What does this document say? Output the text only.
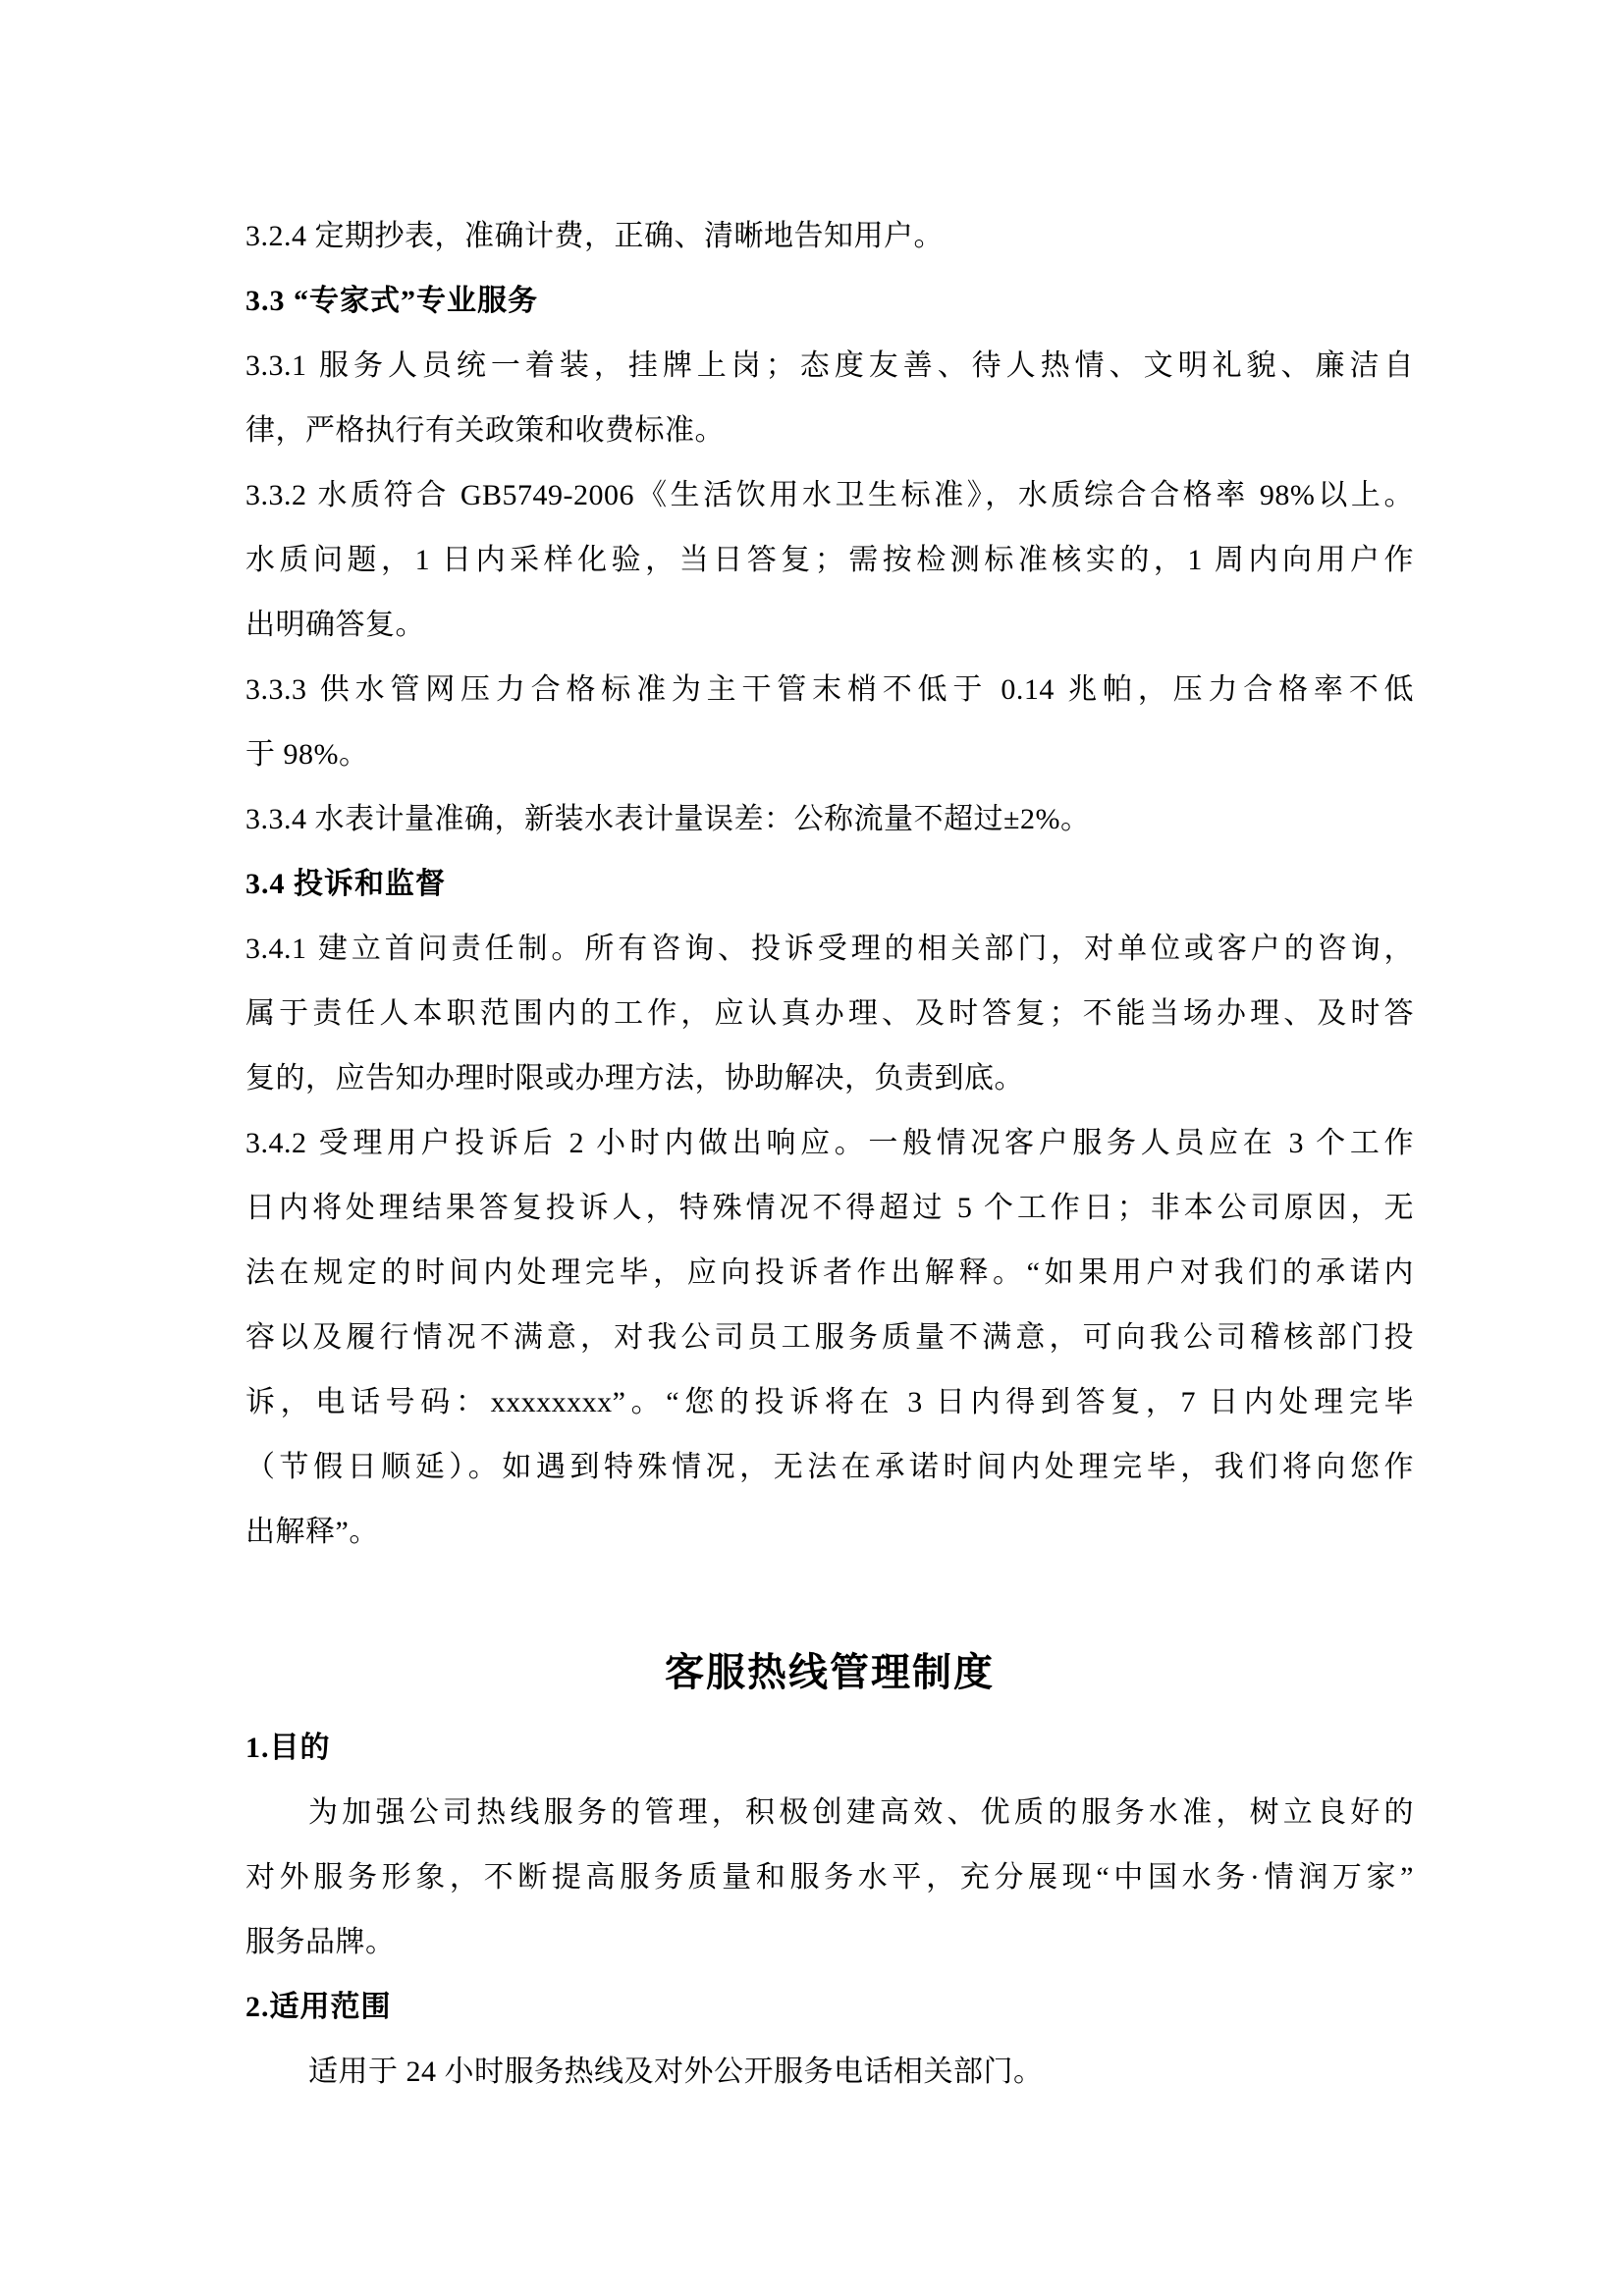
3.2.4 定期抄表，准确计费，正确、清晰地告知用户。
3.3 “专家式”专业服务
3.3.1 服务人员统一着装，挂牌上岗；态度友善、待人热情、文明礼貌、廉洁自
律，严格执行有关政策和收费标准。
3.3.2 水质符合 GB5749-2006《生活饮用水卫生标准》，水质综合合格率 98%以上。
水质问题，1 日内采样化验，当日答复；需按检测标准核实的，1 周内向用户作
出明确答复。
3.3.3 供水管网压力合格标准为主干管末梢不低于 0.14 兆帕，压力合格率不低
于 98%。
3.3.4 水表计量准确，新装水表计量误差：公称流量不超过±2%。
3.4 投诉和监督
3.4.1 建立首问责任制。所有咨询、投诉受理的相关部门，对单位或客户的咨询，
属于责任人本职范围内的工作，应认真办理、及时答复；不能当场办理、及时答
复的，应告知办理时限或办理方法，协助解决，负责到底。
3.4.2 受理用户投诉后 2 小时内做出响应。一般情况客户服务人员应在 3 个工作
日内将处理结果答复投诉人，特殊情况不得超过 5 个工作日；非本公司原因，无
法在规定的时间内处理完毕，应向投诉者作出解释。“如果用户对我们的承诺内
容以及履行情况不满意，对我公司员工服务质量不满意，可向我公司稽核部门投
诉，电话号码：xxxxxxxx”。“您的投诉将在 3 日内得到答复，7 日内处理完毕
（节假日顺延）。如遇到特殊情况，无法在承诺时间内处理完毕，我们将向您作
出解释”。
客服热线管理制度
1.目的
为加强公司热线服务的管理，积极创建高效、优质的服务水准，树立良好的
对外服务形象，不断提高服务质量和服务水平，充分展现“中国水务·情润万家”
服务品牌。
2.适用范围
适用于 24 小时服务热线及对外公开服务电话相关部门。
